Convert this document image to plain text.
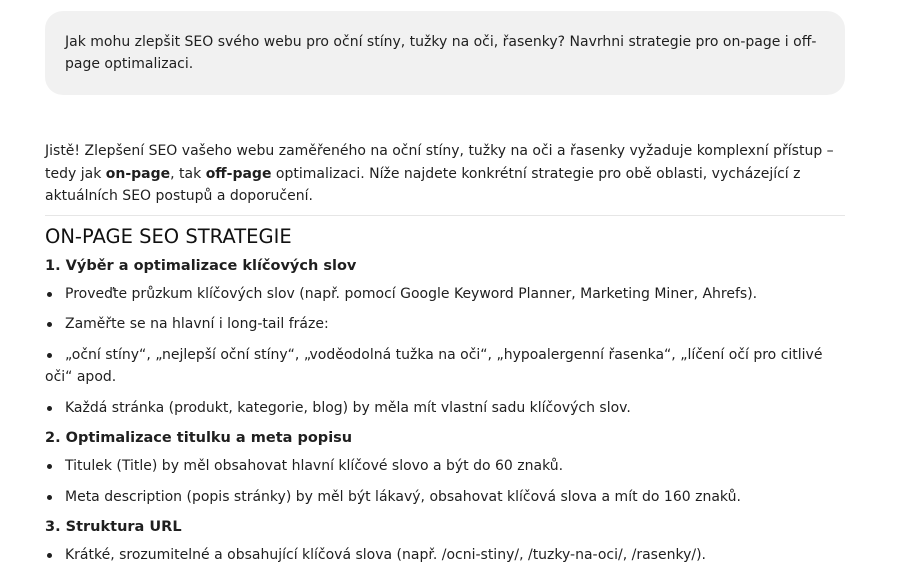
Jak mohu zlepšit SEO svého webu pro oční stíny, tužky na oči, řasenky? Navrhni strategie pro on-page i off-page optimalizaci.

Jistě! Zlepšení SEO vašeho webu zaměřeného na oční stíny, tužky na oči a řasenky vyžaduje komplexní přístup – tedy jak on-page, tak off-page optimalizaci. Níže najdete konkrétní strategie pro obě oblasti, vycházející z aktuálních SEO postupů a doporučení.

ON-PAGE SEO STRATEGIE
1. Výběr a optimalizace klíčových slov
Proveďte průzkum klíčových slov (např. pomocí Google Keyword Planner, Marketing Miner, Ahrefs).
Zaměřte se na hlavní i long-tail fráze:
„oční stíny“, „nejlepší oční stíny“, „voděodolná tužka na oči“, „hypoalergenní řasenka“, „líčení očí pro citlivé oči“ apod.
Každá stránka (produkt, kategorie, blog) by měla mít vlastní sadu klíčových slov.
2. Optimalizace titulku a meta popisu
Titulek (Title) by měl obsahovat hlavní klíčové slovo a být do 60 znaků.
Meta description (popis stránky) by měl být lákavý, obsahovat klíčová slova a mít do 160 znaků.
3. Struktura URL
Krátké, srozumitelné a obsahující klíčová slova (např. /ocni-stiny/, /tuzky-na-oci/, /rasenky/).
